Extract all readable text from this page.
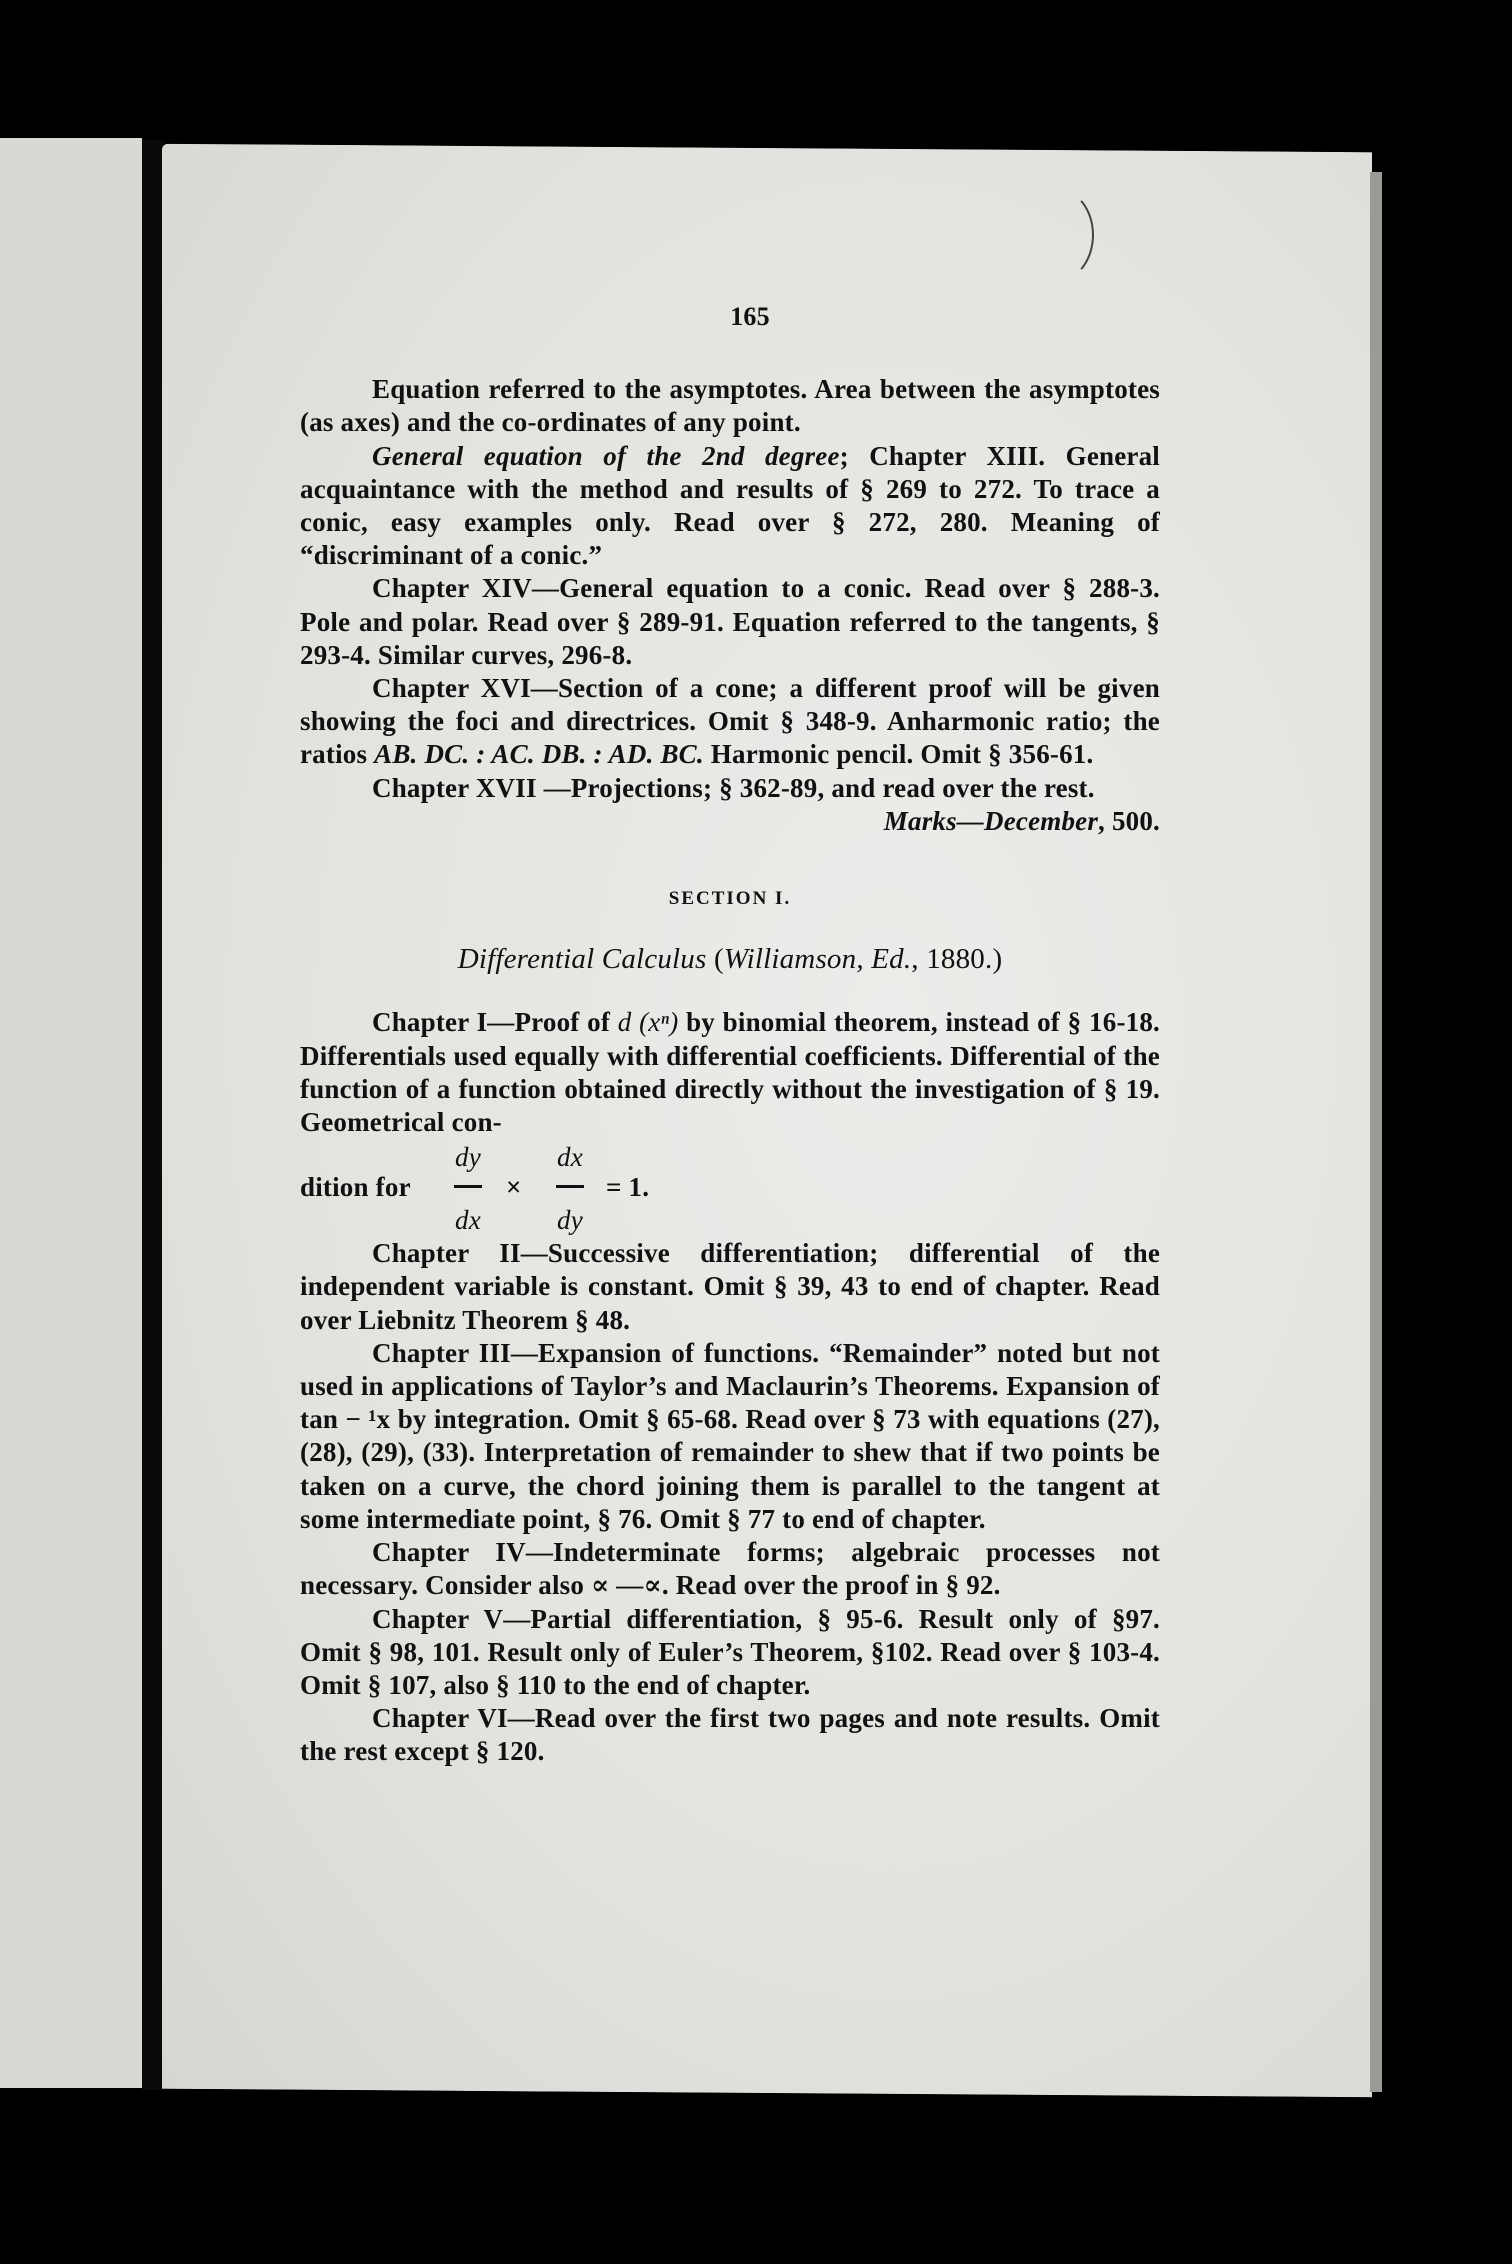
165

Equation referred to the asymptotes. Area between the asymptotes (as axes) and the co-ordinates of any point.

General equation of the 2nd degree; Chapter XIII. General acquaintance with the method and results of § 269 to 272. To trace a conic, easy examples only. Read over § 272, 280. Meaning of “discriminant of a conic.”

Chapter XIV—General equation to a conic. Read over § 288-3. Pole and polar. Read over § 289-91. Equation referred to the tangents, § 293-4. Similar curves, 296-8.

Chapter XVI—Section of a cone; a different proof will be given showing the foci and directrices. Omit § 348-9. Anharmonic ratio; the ratios AB. DC. : AC. DB. : AD. BC. Harmonic pencil. Omit § 356-61.

Chapter XVII —Projections; § 362-89, and read over the rest.

Marks—December, 500.

SECTION I.
Differential Calculus (Williamson, Ed., 1880.)

Chapter I—Proof of d (xⁿ) by binomial theorem, instead of § 16-18. Differentials used equally with differential coefficients. Differential of the function of a function obtained directly without the investigation of § 19. Geometrical con-

dition for
dy
dx
×
dx
dy
= 1.

Chapter II—Successive differentiation; differential of the independent variable is constant. Omit § 39, 43 to end of chapter. Read over Liebnitz Theorem § 48.

Chapter III—Expansion of functions. “Remainder” noted but not used in applications of Taylor’s and Maclaurin’s Theorems. Expansion of tan − ¹x by integration. Omit § 65-68. Read over § 73 with equations (27), (28), (29), (33). Interpretation of remainder to shew that if two points be taken on a curve, the chord joining them is parallel to the tangent at some intermediate point, § 76. Omit § 77 to end of chapter.

Chapter IV—Indeterminate forms; algebraic processes not necessary. Consider also ∝ —∝. Read over the proof in § 92.

Chapter V—Partial differentiation, § 95-6. Result only of §97. Omit § 98, 101. Result only of Euler’s Theorem, §102. Read over § 103-4. Omit § 107, also § 110 to the end of chapter.

Chapter VI—Read over the first two pages and note results. Omit the rest except § 120.
